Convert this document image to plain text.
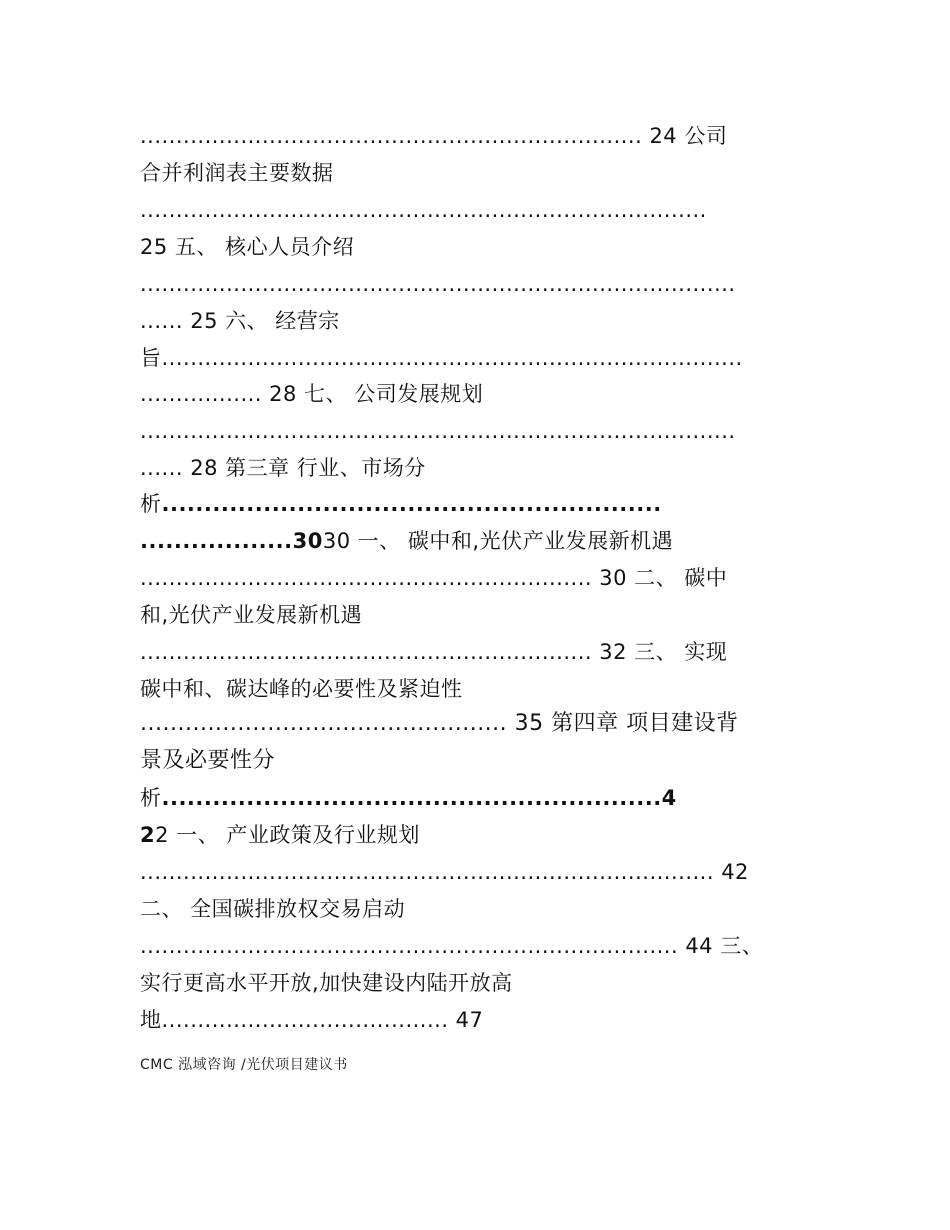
...................................................................... 24 公司
合并利润表主要数据
...............................................................................
25 五、 核心人员介绍
...................................................................................
...... 25 六、 经营宗
旨.................................................................................
................. 28 七、 公司发展规划
...................................................................................
...... 28 第三章 行业、市场分
析...........................................................
..................3030 一、 碳中和,光伏产业发展新机遇
............................................................... 30 二、 碳中
和,光伏产业发展新机遇
............................................................... 32 三、 实现
碳中和、碳达峰的必要性及紧迫性
................................................. 35 第四章 项目建设背
景及必要性分
析...........................................................4
22 一、 产业政策及行业规划
................................................................................ 42
二、 全国碳排放权交易启动
........................................................................... 44 三、
实行更高水平开放,加快建设内陆开放高
地........................................ 47
CMC 泓域咨询 /光伏项目建议书
